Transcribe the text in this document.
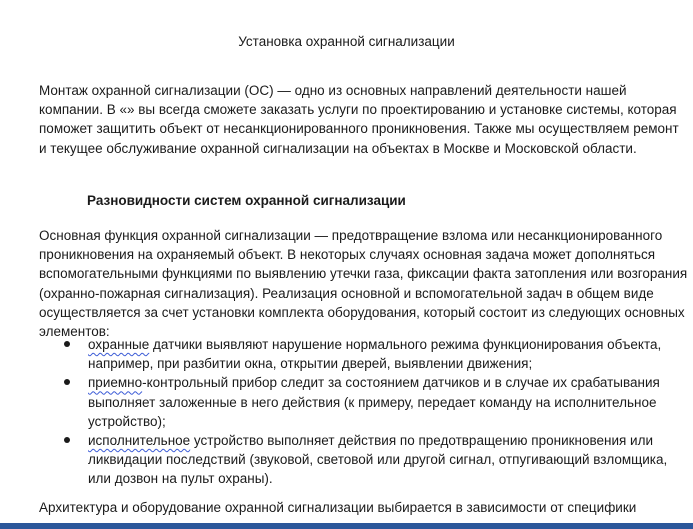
Установка охранной сигнализации
Монтаж охранной сигнализации (ОС) — одно из основных направлений деятельности нашей компании. В «» вы всегда сможете заказать услуги по проектированию и установке системы, которая поможет защитить объект от несанкционированного проникновения. Также мы осуществляем ремонт и текущее обслуживание охранной сигнализации на объектах в Москве и Московской области.
Разновидности систем охранной сигнализации
Основная функция охранной сигнализации — предотвращение взлома или несанкционированного проникновения на охраняемый объект. В некоторых случаях основная задача может дополняться вспомогательными функциями по выявлению утечки газа, фиксации факта затопления или возгорания (охранно-пожарная сигнализация). Реализация основной и вспомогательной задач в общем виде осуществляется за счет установки комплекта оборудования, который состоит из следующих основных элементов:
охранные датчики выявляют нарушение нормального режима функционирования объекта, например, при разбитии окна, открытии дверей, выявлении движения;
приемно-контрольный прибор следит за состоянием датчиков и в случае их срабатывания выполняет заложенные в него действия (к примеру, передает команду на исполнительное устройство);
исполнительное устройство выполняет действия по предотвращению проникновения или ликвидации последствий (звуковой, световой или другой сигнал, отпугивающий взломщика, или дозвон на пульт охраны).
Архитектура и оборудование охранной сигнализации выбирается в зависимости от специфики
